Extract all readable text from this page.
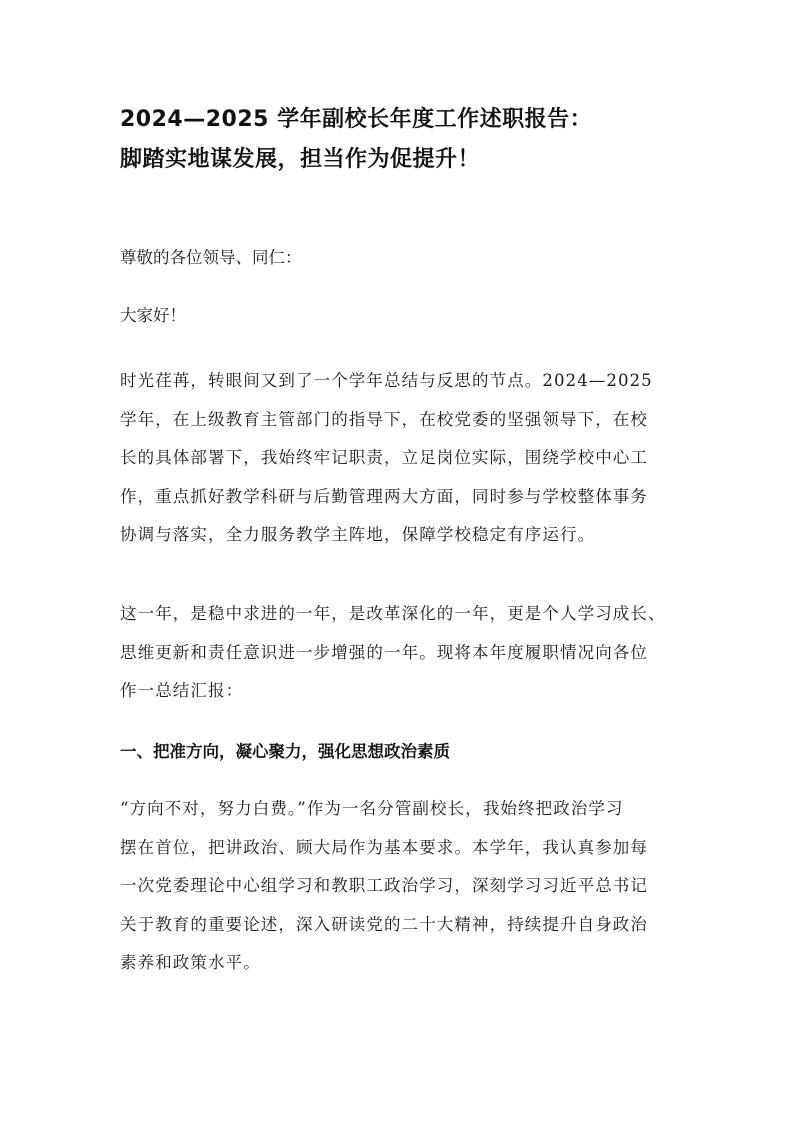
2024—2025 学年副校长年度工作述职报告：
脚踏实地谋发展，担当作为促提升！

尊敬的各位领导、同仁：

大家好！

时光荏苒，转眼间又到了一个学年总结与反思的节点。2024—2025
学年，在上级教育主管部门的指导下，在校党委的坚强领导下，在校
长的具体部署下，我始终牢记职责，立足岗位实际，围绕学校中心工
作，重点抓好教学科研与后勤管理两大方面，同时参与学校整体事务
协调与落实，全力服务教学主阵地，保障学校稳定有序运行。

这一年，是稳中求进的一年，是改革深化的一年，更是个人学习成长、
思维更新和责任意识进一步增强的一年。现将本年度履职情况向各位
作一总结汇报：

一、把准方向，凝心聚力，强化思想政治素质

“方向不对，努力白费。”作为一名分管副校长，我始终把政治学习
摆在首位，把讲政治、顾大局作为基本要求。本学年，我认真参加每
一次党委理论中心组学习和教职工政治学习，深刻学习习近平总书记
关于教育的重要论述，深入研读党的二十大精神，持续提升自身政治
素养和政策水平。
